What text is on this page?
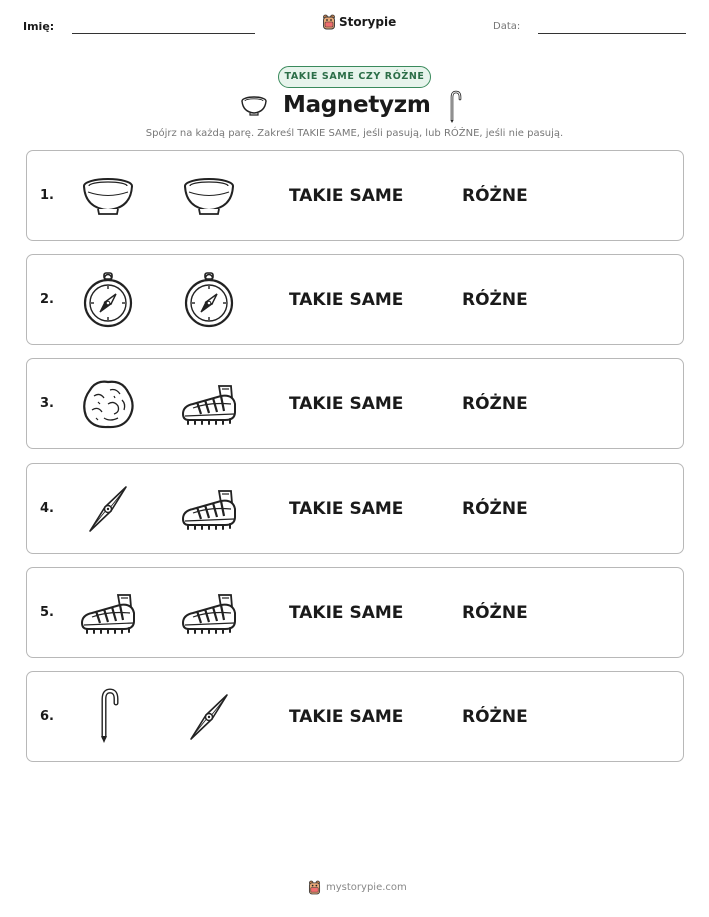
Imię:	Storypie	Data:
TAKIE SAME CZY RÓŻNE
Magnetyzm
Spójrz na każdą parę. Zakreśl TAKIE SAME, jeśli pasują, lub RÓŻNE, jeśli nie pasują.
1.	TAKIE SAME	RÓŻNE
2.	TAKIE SAME	RÓŻNE
3.	TAKIE SAME	RÓŻNE
4.	TAKIE SAME	RÓŻNE
5.	TAKIE SAME	RÓŻNE
6.	TAKIE SAME	RÓŻNE
mystorypie.com
